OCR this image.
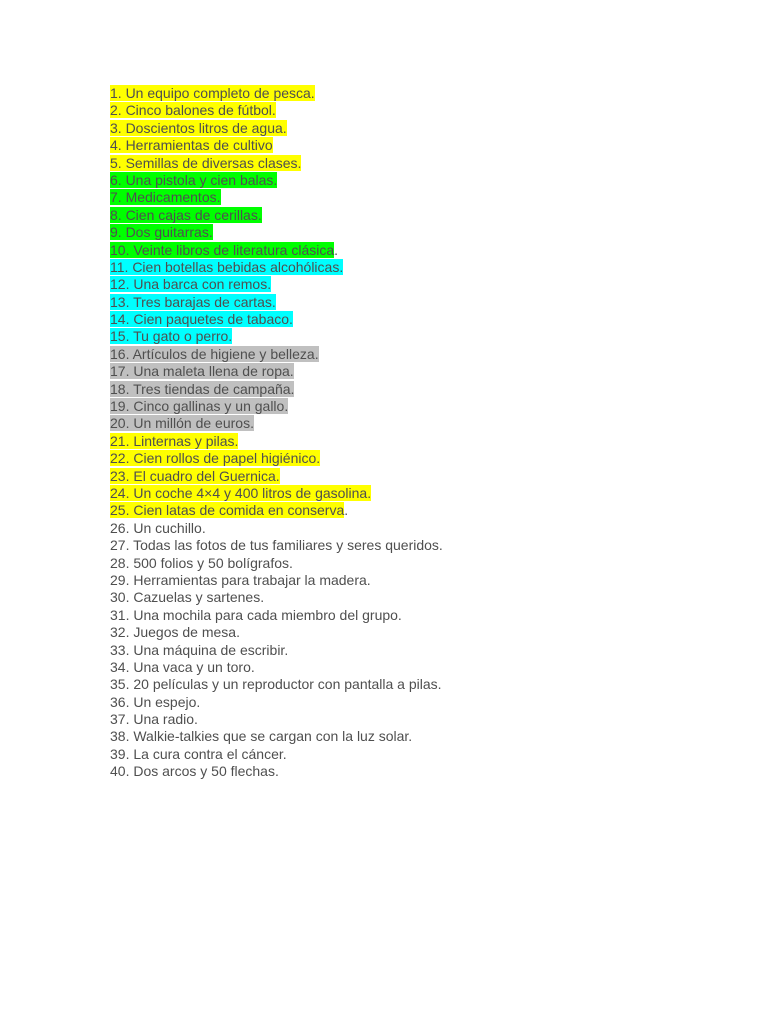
1. Un equipo completo de pesca.
2. Cinco balones de fútbol.
3. Doscientos litros de agua.
4. Herramientas de cultivo
5. Semillas de diversas clases.
6. Una pistola y cien balas.
7. Medicamentos.
8. Cien cajas de cerillas.
9. Dos guitarras.
10. Veinte libros de literatura clásica.
11. Cien botellas bebidas alcohólicas.
12. Una barca con remos.
13. Tres barajas de cartas.
14. Cien paquetes de tabaco.
15. Tu gato o perro.
16. Artículos de higiene y belleza.
17. Una maleta llena de ropa.
18. Tres tiendas de campaña.
19. Cinco gallinas y un gallo.
20. Un millón de euros.
21. Linternas y pilas.
22. Cien rollos de papel higiénico.
23. El cuadro del Guernica.
24. Un coche 4×4 y 400 litros de gasolina.
25. Cien latas de comida en conserva.
26. Un cuchillo.
27. Todas las fotos de tus familiares y seres queridos.
28. 500 folios y 50 bolígrafos.
29. Herramientas para trabajar la madera.
30. Cazuelas y sartenes.
31. Una mochila para cada miembro del grupo.
32. Juegos de mesa.
33. Una máquina de escribir.
34. Una vaca y un toro.
35. 20 películas y un reproductor con pantalla a pilas.
36. Un espejo.
37. Una radio.
38. Walkie-talkies que se cargan con la luz solar.
39. La cura contra el cáncer.
40. Dos arcos y 50 flechas.
